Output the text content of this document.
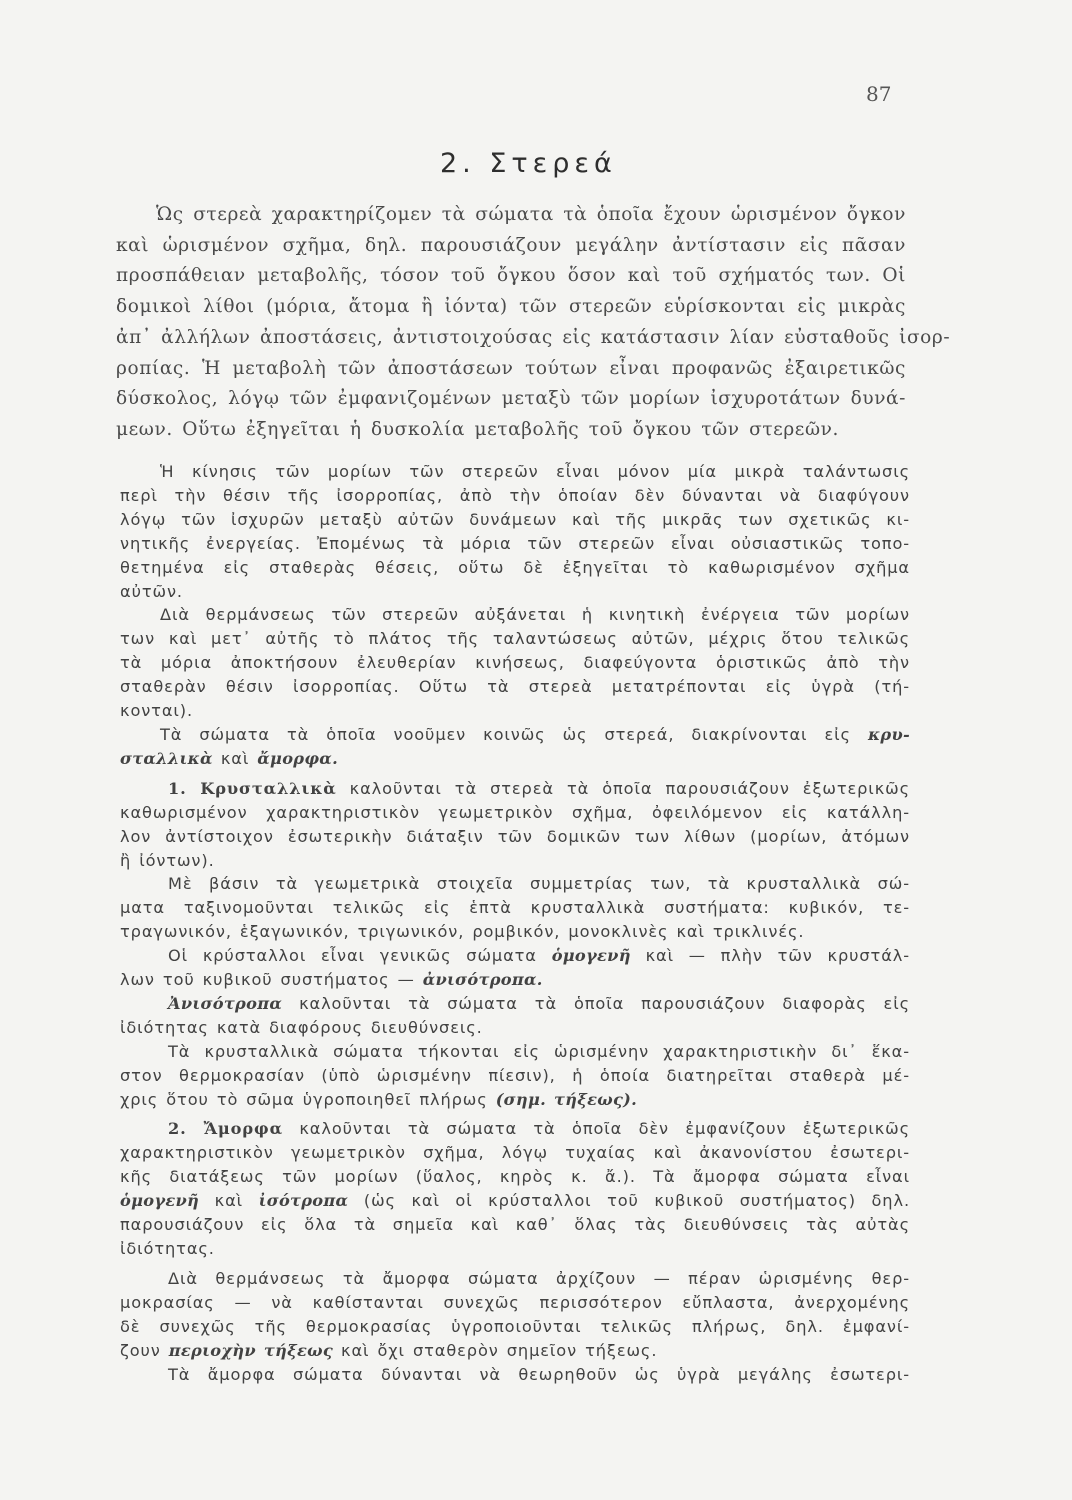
87
2. Στερεά
Ὡς στερεὰ χαρακτηρίζομεν τὰ σώματα τὰ ὁποῖα ἔχουν ὡρισμένον ὄγκον
καὶ ὡρισμένον σχῆμα, δηλ. παρουσιάζουν μεγάλην ἀντίστασιν εἰς πᾶσαν
προσπάθειαν μεταβολῆς, τόσον τοῦ ὄγκου ὅσον καὶ τοῦ σχήματός των. Οἱ
δομικοὶ λίθοι (μόρια, ἄτομα ἢ ἰόντα) τῶν στερεῶν εὑρίσκονται εἰς μικρὰς
ἀπ᾽ ἀλλήλων ἀποστάσεις, ἀντιστοιχούσας εἰς κατάστασιν λίαν εὐσταθοῦς ἰσορ-
ροπίας. Ἡ μεταβολὴ τῶν ἀποστάσεων τούτων εἶναι προφανῶς ἐξαιρετικῶς
δύσκολος, λόγῳ τῶν ἐμφανιζομένων μεταξὺ τῶν μορίων ἰσχυροτάτων δυνά-
μεων. Οὕτω ἐξηγεῖται ἡ δυσκολία μεταβολῆς τοῦ ὄγκου τῶν στερεῶν.
Ἡ κίνησις τῶν μορίων τῶν στερεῶν εἶναι μόνον μία μικρὰ ταλάντωσις
περὶ τὴν θέσιν τῆς ἰσορροπίας, ἀπὸ τὴν ὁποίαν δὲν δύνανται νὰ διαφύγουν
λόγῳ τῶν ἰσχυρῶν μεταξὺ αὐτῶν δυνάμεων καὶ τῆς μικρᾶς των σχετικῶς κι-
νητικῆς ἐνεργείας. Ἐπομένως τὰ μόρια τῶν στερεῶν εἶναι οὐσιαστικῶς τοπο-
θετημένα εἰς σταθερὰς θέσεις, οὕτω δὲ ἐξηγεῖται τὸ καθωρισμένον σχῆμα
αὐτῶν.
Διὰ θερμάνσεως τῶν στερεῶν αὐξάνεται ἡ κινητικὴ ἐνέργεια τῶν μορίων
των καὶ μετ᾽ αὐτῆς τὸ πλάτος τῆς ταλαντώσεως αὐτῶν, μέχρις ὅτου τελικῶς
τὰ μόρια ἀποκτήσουν ἐλευθερίαν κινήσεως, διαφεύγοντα ὁριστικῶς ἀπὸ τὴν
σταθερὰν θέσιν ἰσορροπίας. Οὕτω τὰ στερεὰ μετατρέπονται εἰς ὑγρὰ (τή-
κονται).
Τὰ σώματα τὰ ὁποῖα νοοῦμεν κοινῶς ὡς στερεά, διακρίνονται εἰς κρυ-
σταλλικὰ καὶ ἄμορφα.
1. Κρυσταλλικὰ καλοῦνται τὰ στερεὰ τὰ ὁποῖα παρουσιάζουν ἐξωτερικῶς
καθωρισμένον χαρακτηριστικὸν γεωμετρικὸν σχῆμα, ὀφειλόμενον εἰς κατάλλη-
λον ἀντίστοιχον ἐσωτερικὴν διάταξιν τῶν δομικῶν των λίθων (μορίων, ἀτόμων
ἢ ἰόντων).
Μὲ βάσιν τὰ γεωμετρικὰ στοιχεῖα συμμετρίας των, τὰ κρυσταλλικὰ σώ-
ματα ταξινομοῦνται τελικῶς εἰς ἑπτὰ κρυσταλλικὰ συστήματα: κυβικόν, τε-
τραγωνικόν, ἑξαγωνικόν, τριγωνικόν, ρομβικόν, μονοκλινὲς καὶ τρικλινές.
Οἱ κρύσταλλοι εἶναι γενικῶς σώματα ὁμογενῆ καὶ — πλὴν τῶν κρυστάλ-
λων τοῦ κυβικοῦ συστήματος — ἀνισότροπα.
Ἀνισότροπα καλοῦνται τὰ σώματα τὰ ὁποῖα παρουσιάζουν διαφορὰς εἰς
ἰδιότητας κατὰ διαφόρους διευθύνσεις.
Τὰ κρυσταλλικὰ σώματα τήκονται εἰς ὡρισμένην χαρακτηριστικὴν δι᾽ ἕκα-
στον θερμοκρασίαν (ὑπὸ ὡρισμένην πίεσιν), ἡ ὁποία διατηρεῖται σταθερὰ μέ-
χρις ὅτου τὸ σῶμα ὑγροποιηθεῖ πλήρως (σημ. τήξεως).
2. Ἄμορφα καλοῦνται τὰ σώματα τὰ ὁποῖα δὲν ἐμφανίζουν ἐξωτερικῶς
χαρακτηριστικὸν γεωμετρικὸν σχῆμα, λόγῳ τυχαίας καὶ ἀκανονίστου ἐσωτερι-
κῆς διατάξεως τῶν μορίων (ὕαλος, κηρὸς κ. ἄ.). Τὰ ἄμορφα σώματα εἶναι
ὁμογενῆ καὶ ἰσότροπα (ὡς καὶ οἱ κρύσταλλοι τοῦ κυβικοῦ συστήματος) δηλ.
παρουσιάζουν εἰς ὅλα τὰ σημεῖα καὶ καθ᾽ ὅλας τὰς διευθύνσεις τὰς αὐτὰς
ἰδιότητας.
Διὰ θερμάνσεως τὰ ἄμορφα σώματα ἀρχίζουν — πέραν ὡρισμένης θερ-
μοκρασίας — νὰ καθίστανται συνεχῶς περισσότερον εὔπλαστα, ἀνερχομένης
δὲ συνεχῶς τῆς θερμοκρασίας ὑγροποιοῦνται τελικῶς πλήρως, δηλ. ἐμφανί-
ζουν περιοχὴν τήξεως καὶ ὄχι σταθερὸν σημεῖον τήξεως.
Τὰ ἄμορφα σώματα δύνανται νὰ θεωρηθοῦν ὡς ὑγρὰ μεγάλης ἐσωτερι-
